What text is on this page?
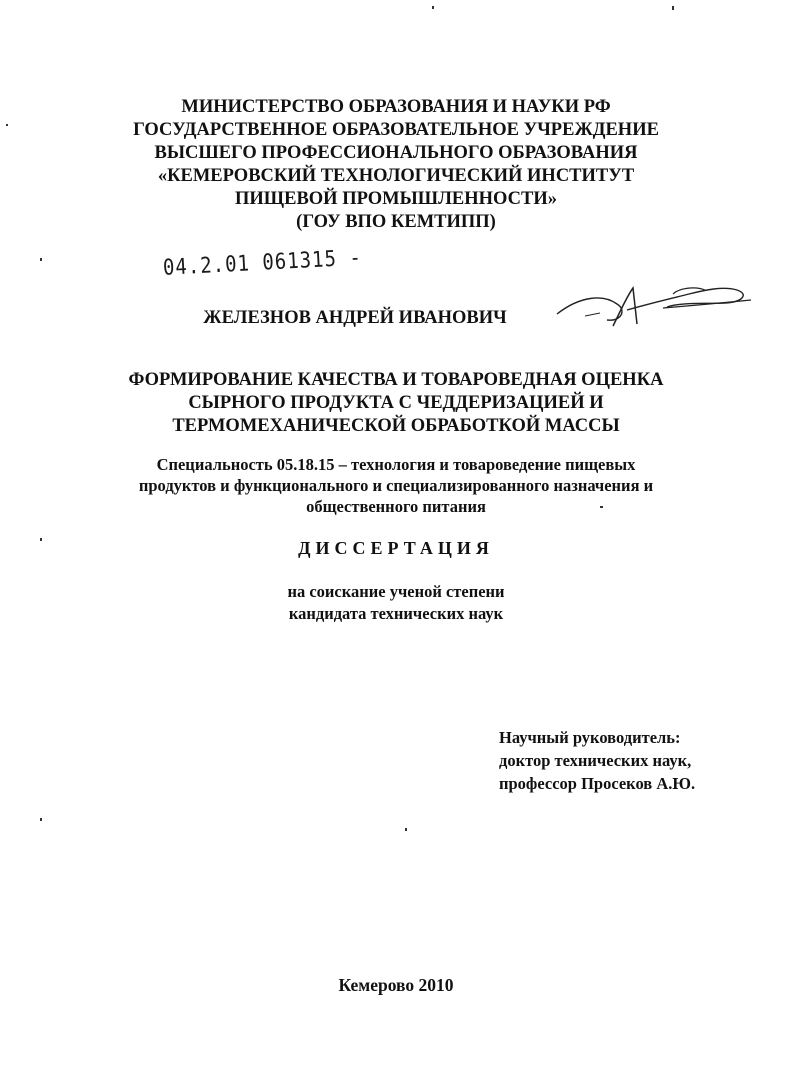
МИНИСТЕРСТВО ОБРАЗОВАНИЯ И НАУКИ РФ
ГОСУДАРСТВЕННОЕ ОБРАЗОВАТЕЛЬНОЕ УЧРЕЖДЕНИЕ
ВЫСШЕГО ПРОФЕССИОНАЛЬНОГО ОБРАЗОВАНИЯ
«КЕМЕРОВСКИЙ ТЕХНОЛОГИЧЕСКИЙ ИНСТИТУТ
ПИЩЕВОЙ ПРОМЫШЛЕННОСТИ»
(ГОУ ВПО КЕМТИПП)
04.2.01 061315 -
ЖЕЛЕЗНОВ АНДРЕЙ ИВАНОВИЧ
ФОРМИРОВАНИЕ КАЧЕСТВА И ТОВАРОВЕДНАЯ ОЦЕНКА
СЫРНОГО ПРОДУКТА С ЧЕДДЕРИЗАЦИЕЙ И
ТЕРМОМЕХАНИЧЕСКОЙ ОБРАБОТКОЙ МАССЫ
Специальность 05.18.15 – технология и товароведение пищевых
продуктов и функционального и специализированного назначения и
общественного питания
ДИССЕРТАЦИЯ
на соискание ученой степени
кандидата технических наук
Научный руководитель:
доктор технических наук,
профессор Просеков А.Ю.
Кемерово 2010
